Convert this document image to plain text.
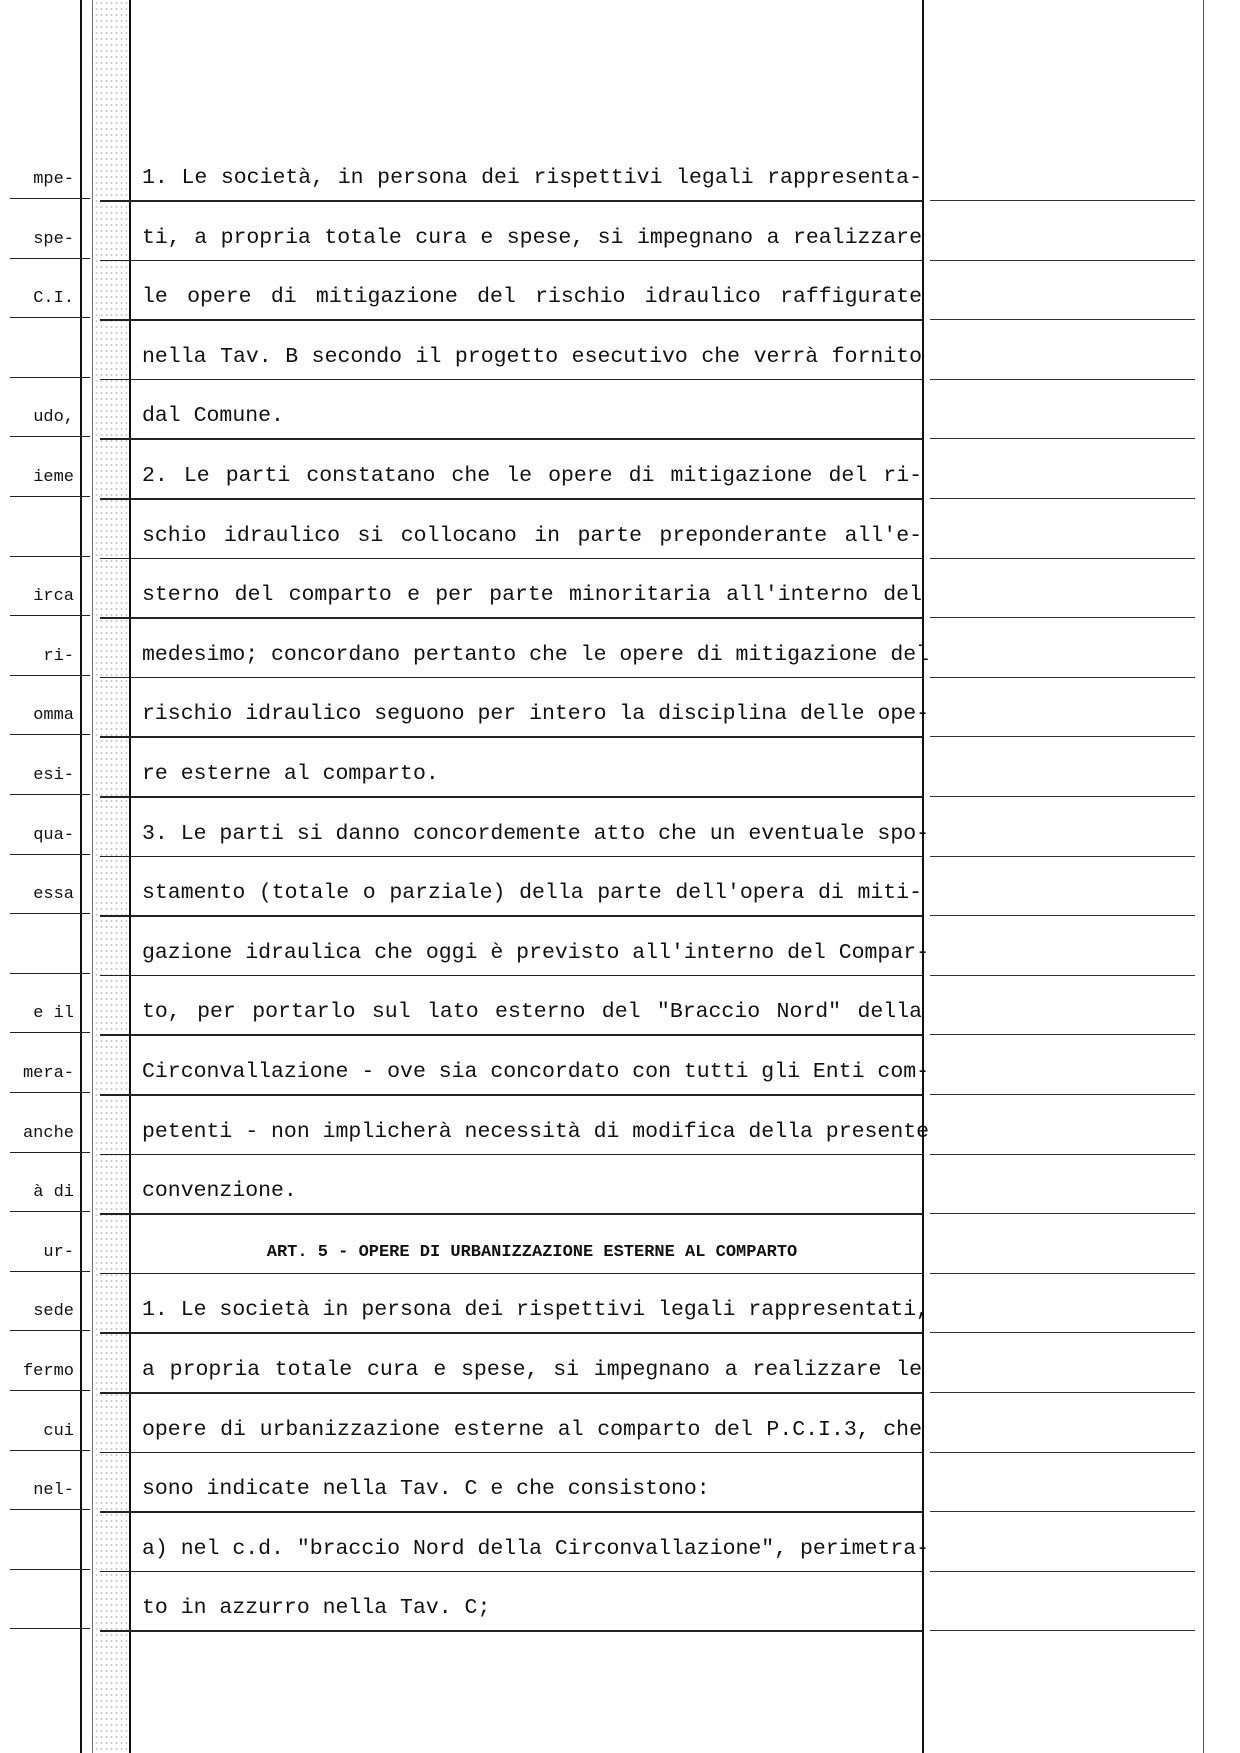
mpe-	1. Le società, in persona dei rispettivi legali rappresenta-
spe-	ti, a propria totale cura e spese, si impegnano a realizzare
C.I.	le opere di mitigazione del rischio idraulico raffigurate
nella Tav. B secondo il progetto esecutivo che verrà fornito
udo,	dal Comune.
ieme	2. Le parti constatano che le opere di mitigazione del ri-
schio idraulico si collocano in parte preponderante all'e-
irca	sterno del comparto e per parte minoritaria all'interno del
ri-	medesimo; concordano pertanto che le opere di mitigazione del
omma	rischio idraulico seguono per intero la disciplina delle ope-
esi-	re esterne al comparto.
qua-	3. Le parti si danno concordemente atto che un eventuale spo-
essa	stamento (totale o parziale) della parte dell'opera di miti-
gazione idraulica che oggi è previsto all'interno del Compar-
e il	to, per portarlo sul lato esterno del "Braccio Nord" della
mera-	Circonvallazione - ove sia concordato con tutti gli Enti com-
anche	petenti - non implicherà necessità di modifica della presente
à di	convenzione.
ur-	ART. 5 - OPERE DI URBANIZZAZIONE ESTERNE AL COMPARTO
sede	1. Le società in persona dei rispettivi legali rappresentati,
fermo	a propria totale cura e spese, si impegnano a realizzare le
cui	opere di urbanizzazione esterne al comparto del P.C.I.3, che
nel-	sono indicate nella Tav. C e che consistono:
a) nel c.d. "braccio Nord della Circonvallazione", perimetra-
to in azzurro nella Tav. C;
